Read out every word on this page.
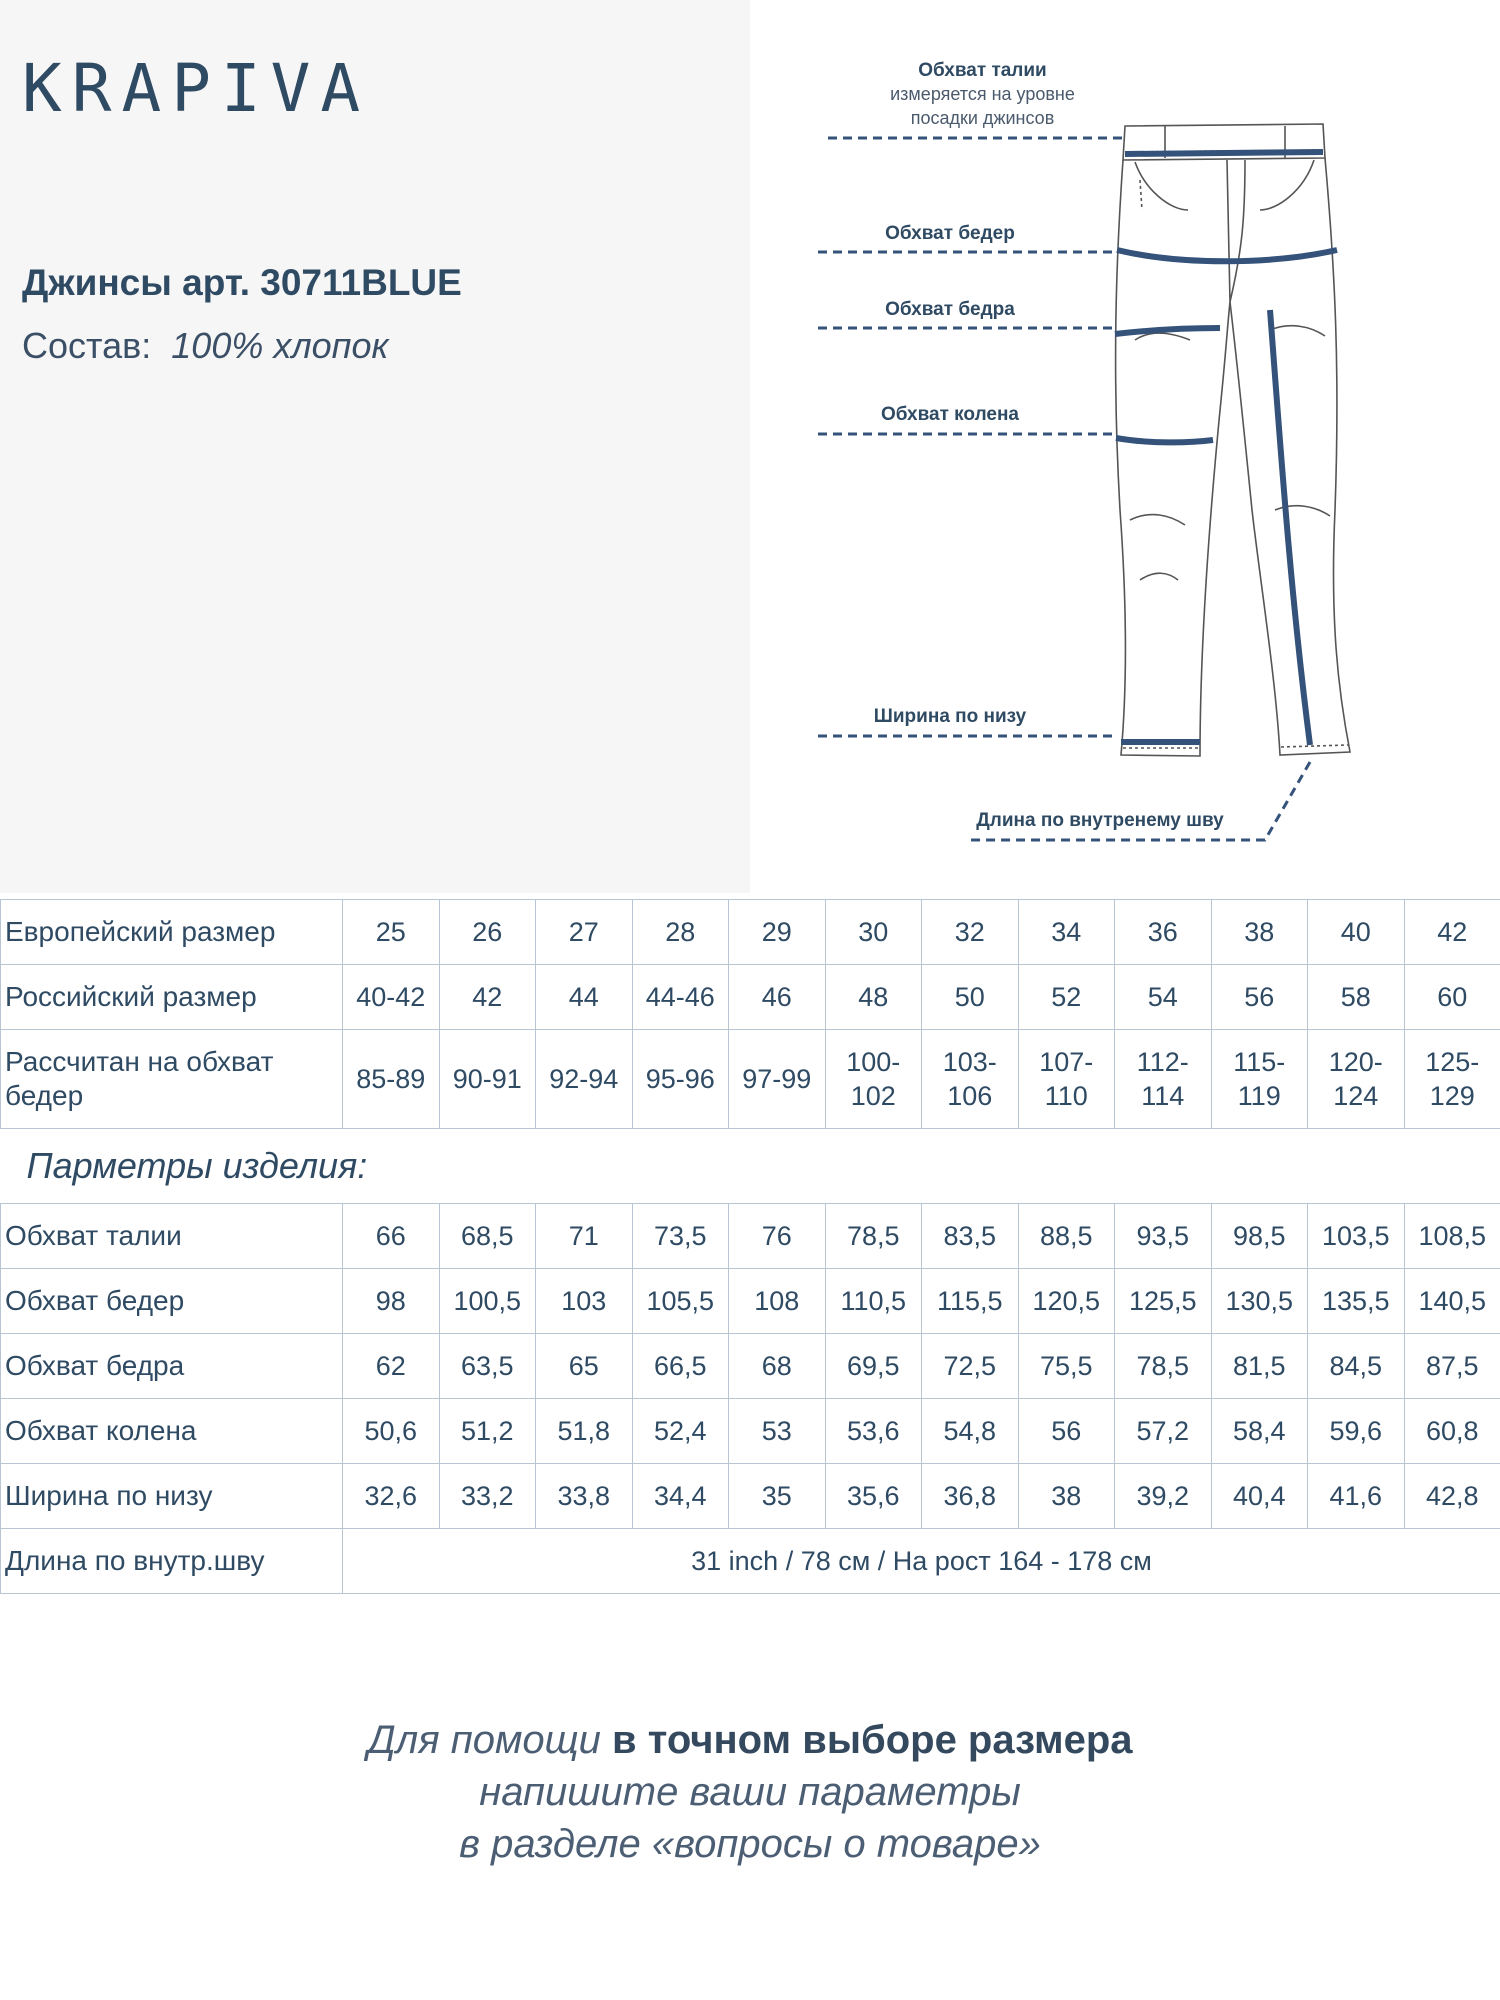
KRAPIVA
Джинсы арт. 30711BLUE
Состав: 100% хлопок
Обхват талии
измеряется на уровне
посадки джинсов
Обхват бедер
Обхват бедра
Обхват колена
Ширина по низу
Длина по внутренему шву
Европейский размер	25	26	27	28	29	30	32	34	36	38	40	42
Российский размер	40-42	42	44	44-46	46	48	50	52	54	56	58	60
Рассчитан на обхват бедер	85-89	90-91	92-94	95-96	97-99	100-102	103-106	107-110	112-114	115-119	120-124	125-129
Парметры изделия:												
Обхват талии	66	68,5	71	73,5	76	78,5	83,5	88,5	93,5	98,5	103,5	108,5
Обхват бедер	98	100,5	103	105,5	108	110,5	115,5	120,5	125,5	130,5	135,5	140,5
Обхват бедра	62	63,5	65	66,5	68	69,5	72,5	75,5	78,5	81,5	84,5	87,5
Обхват колена	50,6	51,2	51,8	52,4	53	53,6	54,8	56	57,2	58,4	59,6	60,8
Ширина по низу	32,6	33,2	33,8	34,4	35	35,6	36,8	38	39,2	40,4	41,6	42,8
Длина по внутр.шву	31 inch / 78 см / На рост 164 - 178 см											
Для помощи в точном выборе размера
напишите ваши параметры
в разделе «вопросы о товаре»
